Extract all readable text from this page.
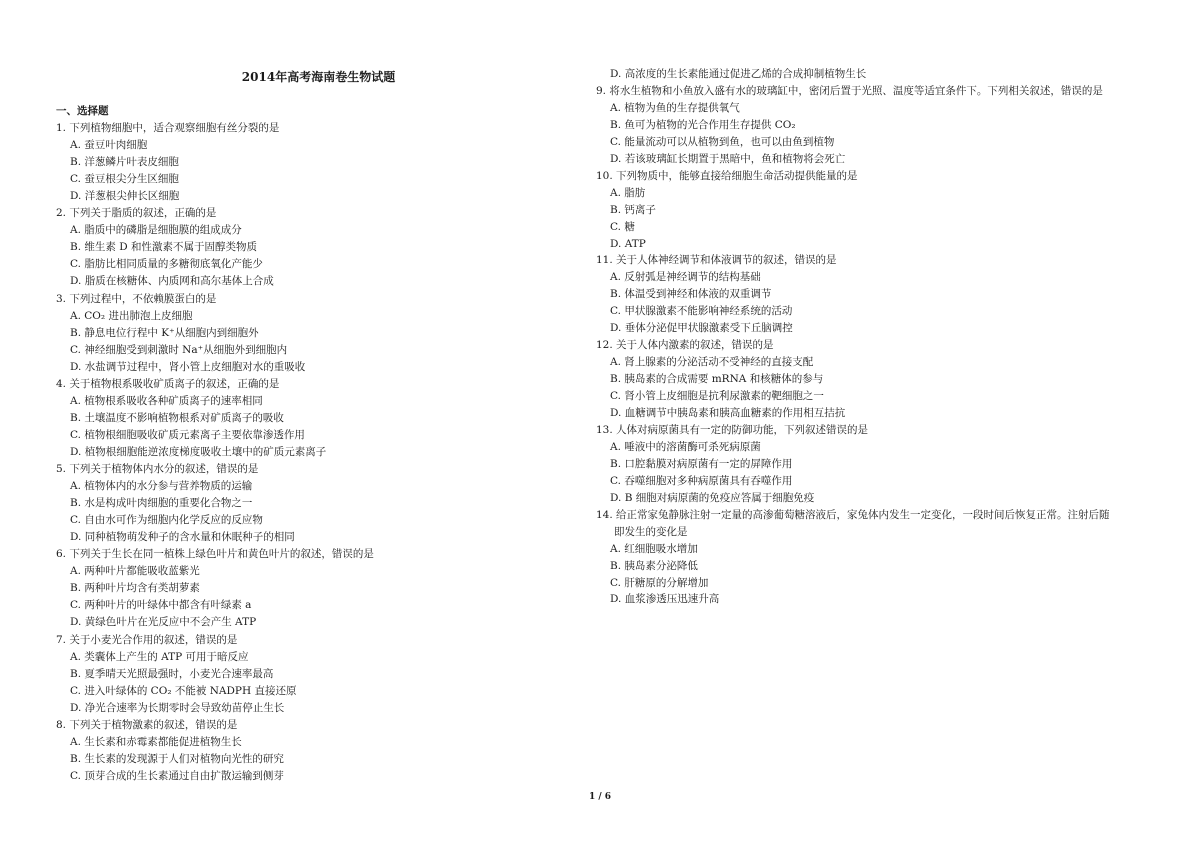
2014年高考海南卷生物试题
一、选择题
1. 下列植物细胞中，适合观察细胞有丝分裂的是
A. 蚕豆叶肉细胞
B. 洋葱鳞片叶表皮细胞
C. 蚕豆根尖分生区细胞
D. 洋葱根尖伸长区细胞
2. 下列关于脂质的叙述，正确的是
A. 脂质中的磷脂是细胞膜的组成成分
B. 维生素 D 和性激素不属于固醇类物质
C. 脂肪比相同质量的多糖彻底氧化产能少
D. 脂质在核糖体、内质网和高尔基体上合成
3. 下列过程中，不依赖膜蛋白的是
A. CO₂ 进出肺泡上皮细胞
B. 静息电位行程中 K⁺从细胞内到细胞外
C. 神经细胞受到刺激时 Na⁺从细胞外到细胞内
D. 水盐调节过程中，肾小管上皮细胞对水的重吸收
4. 关于植物根系吸收矿质离子的叙述，正确的是
A. 植物根系吸收各种矿质离子的速率相同
B. 土壤温度不影响植物根系对矿质离子的吸收
C. 植物根细胞吸收矿质元素离子主要依靠渗透作用
D. 植物根细胞能逆浓度梯度吸收土壤中的矿质元素离子
5. 下列关于植物体内水分的叙述，错误的是
A. 植物体内的水分参与营养物质的运输
B. 水是构成叶肉细胞的重要化合物之一
C. 自由水可作为细胞内化学反应的反应物
D. 同种植物萌发种子的含水量和休眠种子的相同
6. 下列关于生长在同一植株上绿色叶片和黄色叶片的叙述，错误的是
A. 两种叶片都能吸收蓝紫光
B. 两种叶片均含有类胡萝素
C. 两种叶片的叶绿体中都含有叶绿素 a
D. 黄绿色叶片在光反应中不会产生 ATP
7. 关于小麦光合作用的叙述，错误的是
A. 类囊体上产生的 ATP 可用于暗反应
B. 夏季晴天光照最强时，小麦光合速率最高
C. 进入叶绿体的 CO₂ 不能被 NADPH 直接还原
D. 净光合速率为长期零时会导致幼苗停止生长
8. 下列关于植物激素的叙述，错误的是
A. 生长素和赤霉素都能促进植物生长
B. 生长素的发现源于人们对植物向光性的研究
C. 顶芽合成的生长素通过自由扩散运输到侧芽
D. 高浓度的生长素能通过促进乙烯的合成抑制植物生长
9. 将水生植物和小鱼放入盛有水的玻璃缸中，密闭后置于光照、温度等适宜条件下。下列相关叙述，错误的是
A. 植物为鱼的生存提供氧气
B. 鱼可为植物的光合作用生存提供 CO₂
C. 能量流动可以从植物到鱼，也可以由鱼到植物
D. 若该玻璃缸长期置于黑暗中，鱼和植物将会死亡
10. 下列物质中，能够直接给细胞生命活动提供能量的是
A. 脂肪
B. 钙离子
C. 糖
D. ATP
11. 关于人体神经调节和体液调节的叙述，错误的是
A. 反射弧是神经调节的结构基础
B. 体温受到神经和体液的双重调节
C. 甲状腺激素不能影响神经系统的活动
D. 垂体分泌促甲状腺激素受下丘脑调控
12. 关于人体内激素的叙述，错误的是
A. 肾上腺素的分泌活动不受神经的直接支配
B. 胰岛素的合成需要 mRNA 和核糖体的参与
C. 肾小管上皮细胞是抗利尿激素的靶细胞之一
D. 血糖调节中胰岛素和胰高血糖素的作用相互拮抗
13. 人体对病原菌具有一定的防御功能，下列叙述错误的是
A. 唾液中的溶菌酶可杀死病原菌
B. 口腔黏膜对病原菌有一定的屏障作用
C. 吞噬细胞对多种病原菌具有吞噬作用
D. B 细胞对病原菌的免疫应答属于细胞免疫
14. 给正常家兔静脉注射一定量的高渗葡萄糖溶液后，家兔体内发生一定变化，一段时间后恢复正常。注射后随
即发生的变化是
A. 红细胞吸水增加
B. 胰岛素分泌降低
C. 肝糖原的分解增加
D. 血浆渗透压迅速升高
1 / 6
